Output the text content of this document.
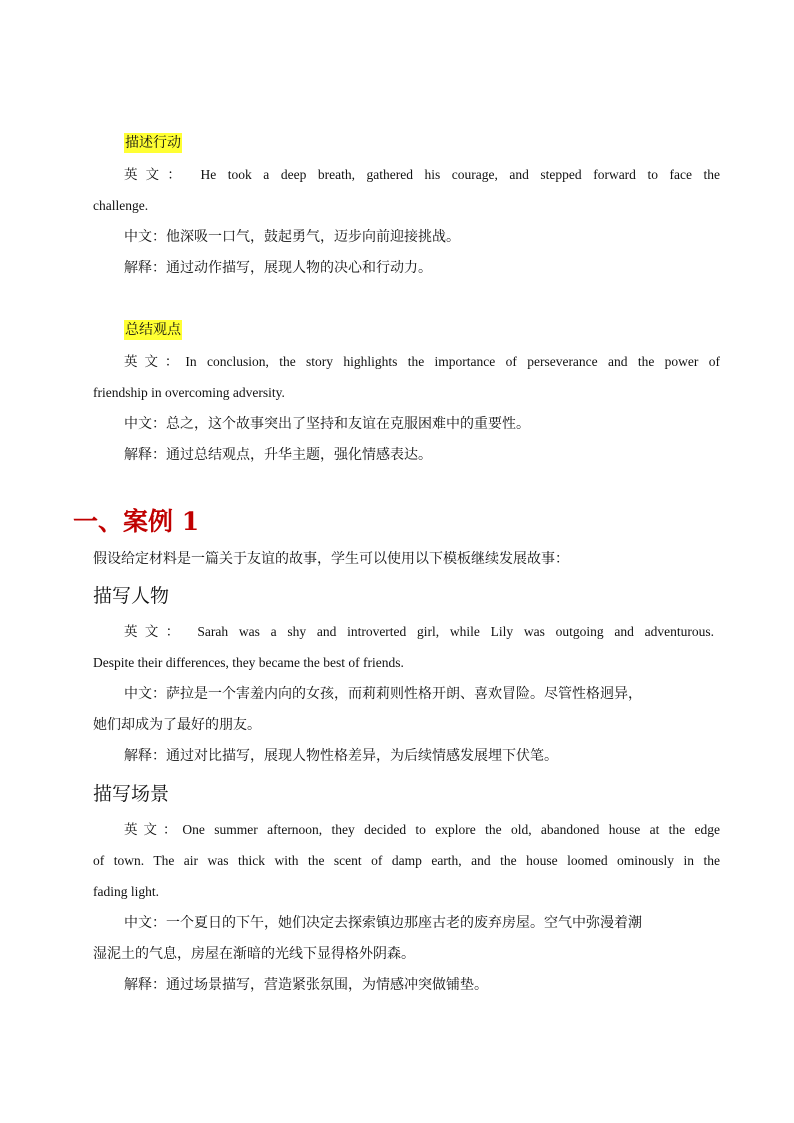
描述行动
英文： He took a deep breath, gathered his courage, and stepped forward to face the
challenge.
中文：他深吸一口气，鼓起勇气，迈步向前迎接挑战。
解释：通过动作描写，展现人物的决心和行动力。
总结观点
英文：In conclusion, the story highlights the importance of perseverance and the power of
friendship in overcoming adversity.
中文：总之，这个故事突出了坚持和友谊在克服困难中的重要性。
解释：通过总结观点，升华主题，强化情感表达。
一、案例 1
假设给定材料是一篇关于友谊的故事，学生可以使用以下模板继续发展故事：
描写人物
英文： Sarah was a shy and introverted girl, while Lily was outgoing and adventurous.
Despite their differences, they became the best of friends.
中文：萨拉是一个害羞内向的女孩，而莉莉则性格开朗、喜欢冒险。尽管性格迥异，
她们却成为了最好的朋友。
解释：通过对比描写，展现人物性格差异，为后续情感发展埋下伏笔。
描写场景
英文：One summer afternoon, they decided to explore the old, abandoned house at the edge
of town. The air was thick with the scent of damp earth, and the house loomed ominously in the
fading light.
中文：一个夏日的下午，她们决定去探索镇边那座古老的废弃房屋。空气中弥漫着潮
湿泥土的气息，房屋在渐暗的光线下显得格外阴森。
解释：通过场景描写，营造紧张氛围，为情感冲突做铺垫。
